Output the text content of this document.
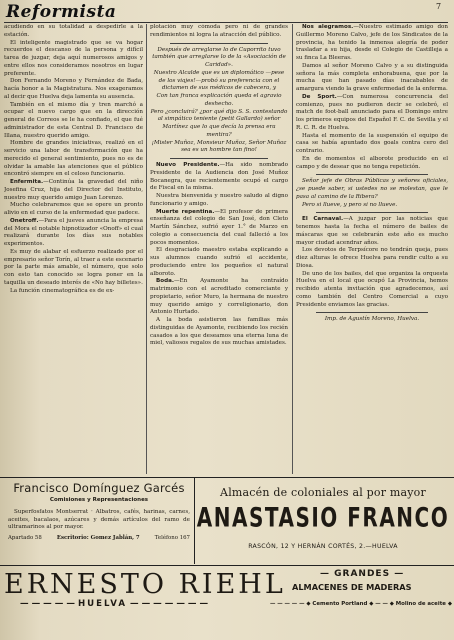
Reformista	7

acudiendo en su totalidad a despedirle a la estación.

El inteligente magistrado que se va hogar recuerdos el descanso de la persona y difícil tarea de juzgar, deja aquí numerosos amigos y entre ellos nos consideramos nosotros en lugar preferente.

Don Fernando Moreno y Fernández de Bada, hacía honor a la Magistratura. Nos exageramos al decir que Huelva deja lamenta su ausencia.

También en el mismo día y tren marchó a ocupar el nuevo cargo que en la dirección general de Correos se le ha confiado, el que fué administrador de esta Central D. Francisco de Illana, nuestro querido amigo.

Hombre de grandes iniciativas, realizó en el servicio una labor de transformación que ha merecido el general sentimiento, pues no es de olvidar la amable las atenciones que el público encontró siempre en el celoso funcionario.

Enfermita.—Continúa la gravedad del niño Josefina Cruz, hija del Director del Instituto, nuestro muy querido amigo Juan Lorenzo.

Mucho celebraremos que se opere un pronto alivio en el curso de la enfermedad que padece.

Onetroff.—Para el jueves anuncia la empresa del Mora el notable hipnotizador «Onoff» el cual realizará durante los días sus notables experimentos.

Es muy de alabar el esfuerzo realizado por el empresario señor Torín, al traer a este escenario por la parte más amable, el número, que solo con esto tan conocido se logra poner en la taquilla un deseado interés de «No hay billetes».

La función cinematográfica es de ex-

plotación muy cómoda pero ni de grandes rendimientos ni logra la atracción del público.

Después de arreglarse lo de Cuporrito tuvo también que arreglarse lo de la «Asociación de Caridad».

Nuestro Alcalde que es un diplomático —pese de los viajes!—probó su preferencia con el dictamen de sus médicos de cabecera, y

Con tan franca explicación queda el agravio deshecho.

Pero ¿concluirá? ¿por qué dijo S. S. contestando al simpático teniente (petit Gallardo) señor Martínez que lo que decía la prensa era mentira?

¡Mister Muñoz, Monsieur Muñoz, Señor Muñoz sea es un hombre tan fino!

Nuevo Presidente.—Ha sido nombrado Presidente de la Audiencia don José Muñoz Bocanegra, que recientemente ocupó el cargo de Fiscal en la misma.

Nuestra bienvenida y nuestro saludo al digno funcionario y amigo.

Muerte repentina.—El profesor de primera enseñanza del colegio de San José, don Cleto Martín Sánchez, sufrió ayer 1.° de Marzo en colegio a consecuencia del cual falleció a los pocos momentos.

El desgraciado maestro estaba explicando a sus alumnos cuando sufrió el accidente, produciendo entre los pequeños el natural alboroto.

Boda.—En Ayamonte ha contraído matrimonio con el acreditado comerciante y propietario, señor Muro, la hermana de nuestro muy querido amigo y correligionario, don Antonio Hurtado.

A la boda asistieron las familias más distinguidas de Ayamonte, recibiendo los recién casados a los que deseamos una eterna luna de miel, valiosos regalos de sus muchas amistades.

Nos alegramos.—Nuestro estimado amigo don Guillermo Moreno Calvo, jefe de los Sindicatos de la provincia, ha tenido la inmensa alegría de poder trasladar a su hija, desde el Colegio de Castilleja a su finca La Bleeras.

Damos al señor Moreno Calvo y a su distinguida señora la más completa enhorabuena, que por la mucha que han pasado días inacabables de amargura viendo la grave enfermedad de la enferma.

De Sport.—Con numerosa concurrencia del comienzo, pues no pudieron decir se celebró, el match de foot-ball anunciado para el Domingo entre los primeros equipos del Español F. C. de Sevilla y el R. C. R. de Huelva.

Hasta el momento de la suspensión el equipo de casa se había apuntado dos goals contra cero del contrario.

En de momentos el alborote producido en el campo y de desear que no tenga repetición.

Señor jefe de Obras Públicas y señores oficiales, ¿se puede saber, si ustedes no se molestan, que le pasa al camino de la Ribera?

Pero si llueve, y pero si no llueve.

El Carnaval.—A juzgar por las noticias que tenemos hasta la fecha el número de bailes de máscaras que se celebrarán este año es mucho mayor ciudad acendrar años.

Los devotos de Terpsícore no tendrán queja, pues diez alturas le ofrece Huelva para rendir culto a su Diosa.

De uno de los bailes, del que organiza la orquesta Huelva en el local que ocupó La Provincia, hemos recibido atenta invitación que agradecemos, así como también del Centro Comercial a cuyo Presidente enviamos las gracias.

Imp. de Agustín Moreno, Huelva.

Francisco Domínguez Garcés
Comisiones y Representaciones
Superfosfatos Montserrat · Albatros, cafés, harinas, carnes, aceites, bacalaos, azúcares y demás artículos del ramo de ultramarinos al por mayor.
Apartado 58	Escritorio: Gomez Jablán, 7	Teléfono 167
Almacén de coloniales al por mayor
ANASTASIO FRANCO
RASCÓN, 12 Y HERNÁN CORTÉS, 2.—HUELVA
ERNESTO RIEHL
— — — — — HUELVA — — — — — — —
— GRANDES —
ALMACENES DE MADERAS
— — — — — ◆ Cemento Portland ◆ — — ◆ Molino de aceite ◆
